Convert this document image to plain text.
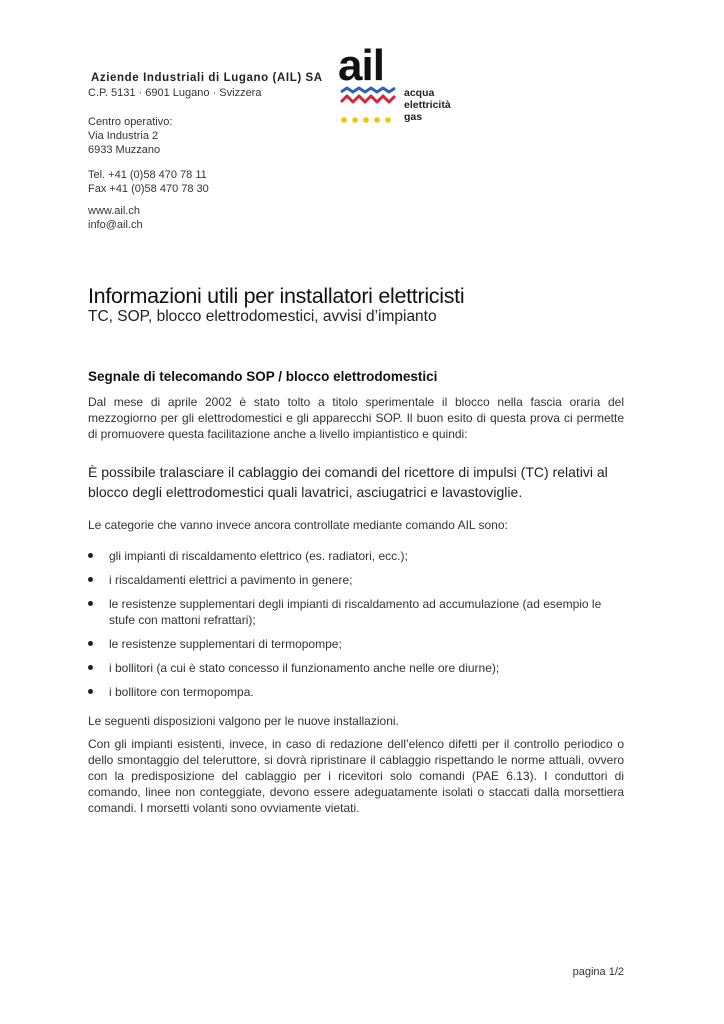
Aziende Industriali di Lugano (AIL) SA
C.P. 5131 · 6901 Lugano · Svizzera
Centro operativo:
Via Industria 2
6933 Muzzano
Tel. +41 (0)58 470 78 11
Fax +41 (0)58 470 78 30
www.ail.ch
info@ail.ch
ail
acqua
elettricità
gas
Informazioni utili per installatori elettricisti
TC, SOP, blocco elettrodomestici, avvisi d’impianto
Segnale di telecomando SOP / blocco elettrodomestici
Dal mese di aprile 2002 è stato tolto a titolo sperimentale il blocco nella fascia oraria del mezzogiorno per gli elettrodomestici e gli apparecchi SOP. Il buon esito di questa prova ci permette di promuovere questa facilitazione anche a livello impiantistico e quindi:
È possibile tralasciare il cablaggio dei comandi del ricettore di impulsi (TC) relativi al blocco degli elettrodomestici quali lavatrici, asciugatrici e lavastoviglie.
Le categorie che vanno invece ancora controllate mediante comando AIL sono:
gli impianti di riscaldamento elettrico (es. radiatori, ecc.);
i riscaldamenti elettrici a pavimento in genere;
le resistenze supplementari degli impianti di riscaldamento ad accumulazione (ad esempio le stufe con mattoni refrattari);
le resistenze supplementari di termopompe;
i bollitori (a cui è stato concesso il funzionamento anche nelle ore diurne);
i bollitore con termopompa.
Le seguenti disposizioni valgono per le nuove installazioni.
Con gli impianti esistenti, invece, in caso di redazione dell’elenco difetti per il controllo periodico o dello smontaggio del teleruttore, si dovrà ripristinare il cablaggio rispettando le norme attuali, ovvero con la predisposizione del cablaggio per i ricevitori solo comandi (PAE 6.13). I conduttori di comando, linee non conteggiate, devono essere adeguatamente isolati o staccati dalla morsettiera comandi. I morsetti volanti sono ovviamente vietati.
pagina 1/2
